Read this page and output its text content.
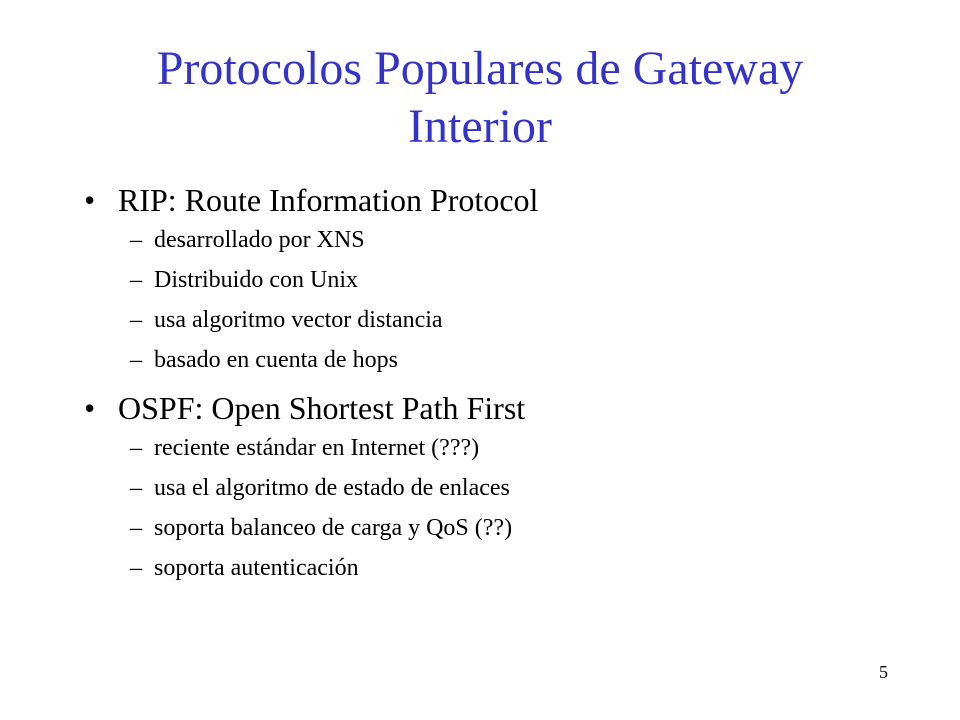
Protocolos Populares de Gateway
Interior

• RIP: Route Information Protocol

– desarrollado por XNS
– Distribuido con Unix
– usa algoritmo vector distancia
– basado en cuenta de hops

• OSPF: Open Shortest Path First

– reciente estándar en Internet (???)
– usa el algoritmo de estado de enlaces
– soporta balanceo de carga y QoS (??)
– soporta autenticación
5
